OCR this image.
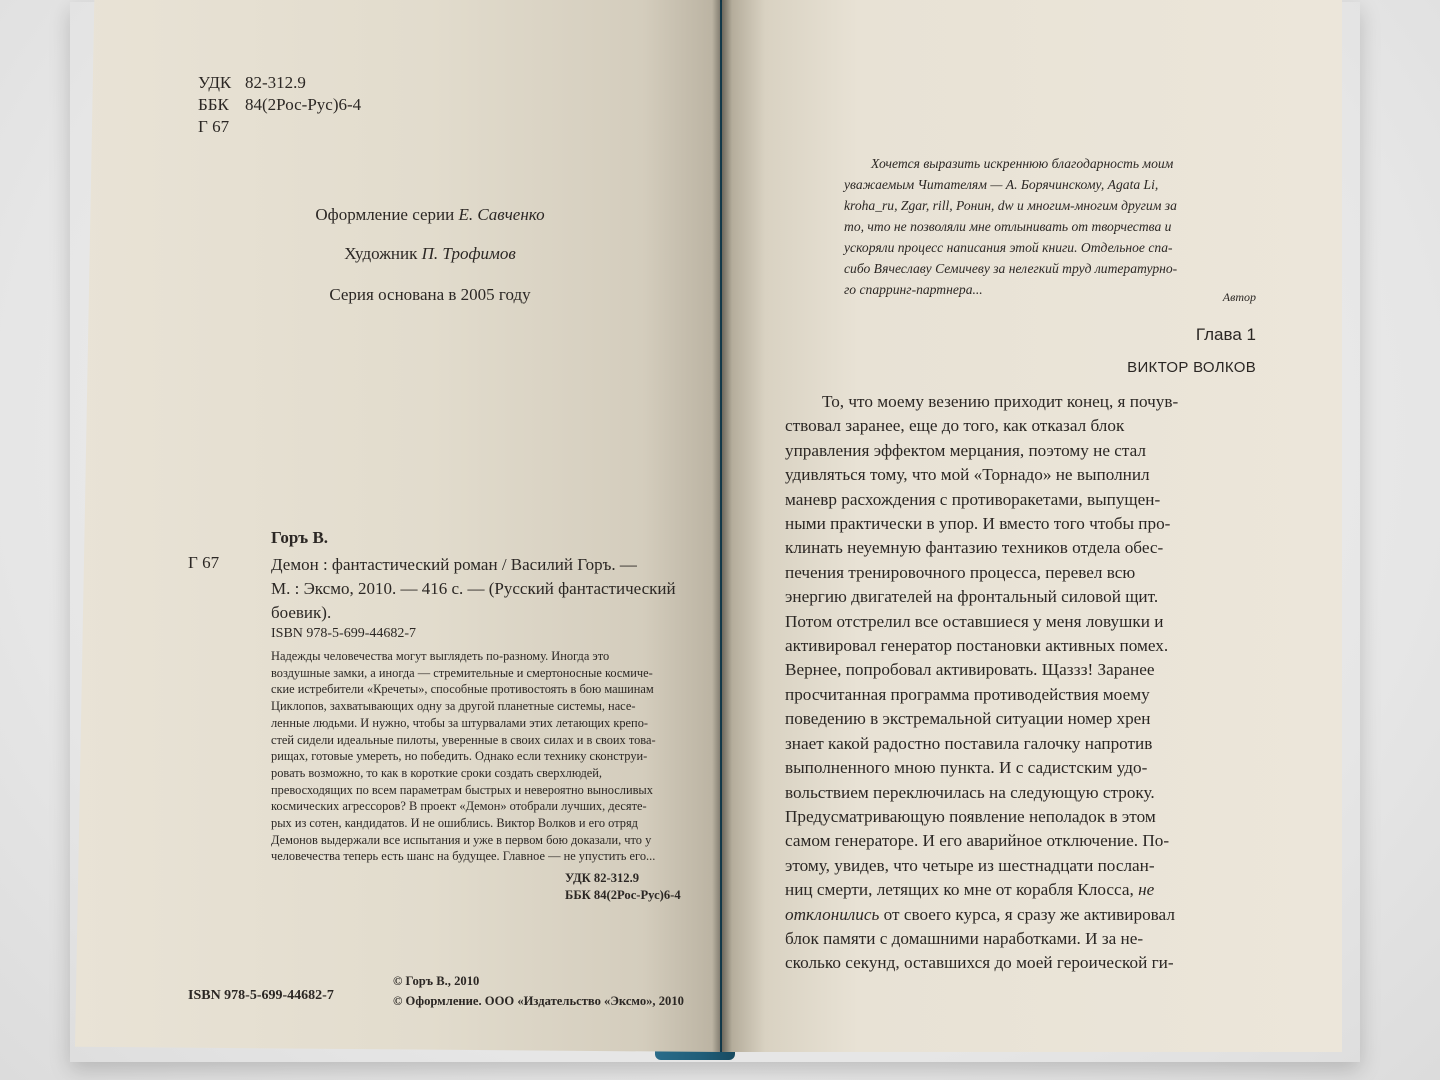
УДК 82-312.9
ББК 84(2Рос-Рус)6-4
Г 67
Оформление серии Е. Савченко
Художник П. Трофимов
Серия основана в 2005 году
Горъ В.
Г 67	Демон : фантастический роман / Василий Горъ. —
М. : Эксмо, 2010. — 416 с. — (Русский фантастический
боевик).
ISBN 978-5-699-44682-7
Надежды человечества могут выглядеть по-разному. Иногда это
воздушные замки, а иногда — стремительные и смертоносные космиче-
ские истребители «Кречеты», способные противостоять в бою машинам
Циклопов, захватывающих одну за другой планетные системы, насе-
ленные людьми. И нужно, чтобы за штурвалами этих летающих крепо-
стей сидели идеальные пилоты, уверенные в своих силах и в своих това-
рищах, готовые умереть, но победить. Однако если технику сконструи-
ровать возможно, то как в короткие сроки создать сверхлюдей,
превосходящих по всем параметрам быстрых и невероятно выносливых
космических агрессоров? В проект «Демон» отобрали лучших, десяте-
рых из сотен, кандидатов. И не ошиблись. Виктор Волков и его отряд
Демонов выдержали все испытания и уже в первом бою доказали, что у
человечества теперь есть шанс на будущее. Главное — не упустить его...
УДК 82-312.9
ББК 84(2Рос-Рус)6-4
© Горъ В., 2010
© Оформление. ООО «Издательство «Эксмо», 2010
ISBN 978-5-699-44682-7
Хочется выразить искреннюю благодарность моим
уважаемым Читателям — А. Борячинскому, Agata Li,
kroha_ru, Zgar, rill, Ронин, dw и многим-многим другим за
то, что не позволяли мне отлынивать от творчества и
ускоряли процесс написания этой книги. Отдельное спа-
сибо Вячеславу Семичеву за нелегкий труд литературно-
го спарринг-партнера...	Автор
Глава 1
ВИКТОР ВОЛКОВ
То, что моему везению приходит конец, я почув-
ствовал заранее, еще до того, как отказал блок
управления эффектом мерцания, поэтому не стал
удивляться тому, что мой «Торнадо» не выполнил
маневр расхождения с противоракетами, выпущен-
ными практически в упор. И вместо того чтобы про-
клинать неуемную фантазию техников отдела обес-
печения тренировочного процесса, перевел всю
энергию двигателей на фронтальный силовой щит.
Потом отстрелил все оставшиеся у меня ловушки и
активировал генератор постановки активных помех.
Вернее, попробовал активировать. Щаззз! Заранее
просчитанная программа противодействия моему
поведению в экстремальной ситуации номер хрен
знает какой радостно поставила галочку напротив
выполненного мною пункта. И с садистским удо-
вольствием переключилась на следующую строку.
Предусматривающую появление неполадок в этом
самом генераторе. И его аварийное отключение. По-
этому, увидев, что четыре из шестнадцати послан-
ниц смерти, летящих ко мне от корабля Клосса, не
отклонились от своего курса, я сразу же активировал
блок памяти с домашними наработками. И за не-
сколько секунд, оставшихся до моей героической ги-
